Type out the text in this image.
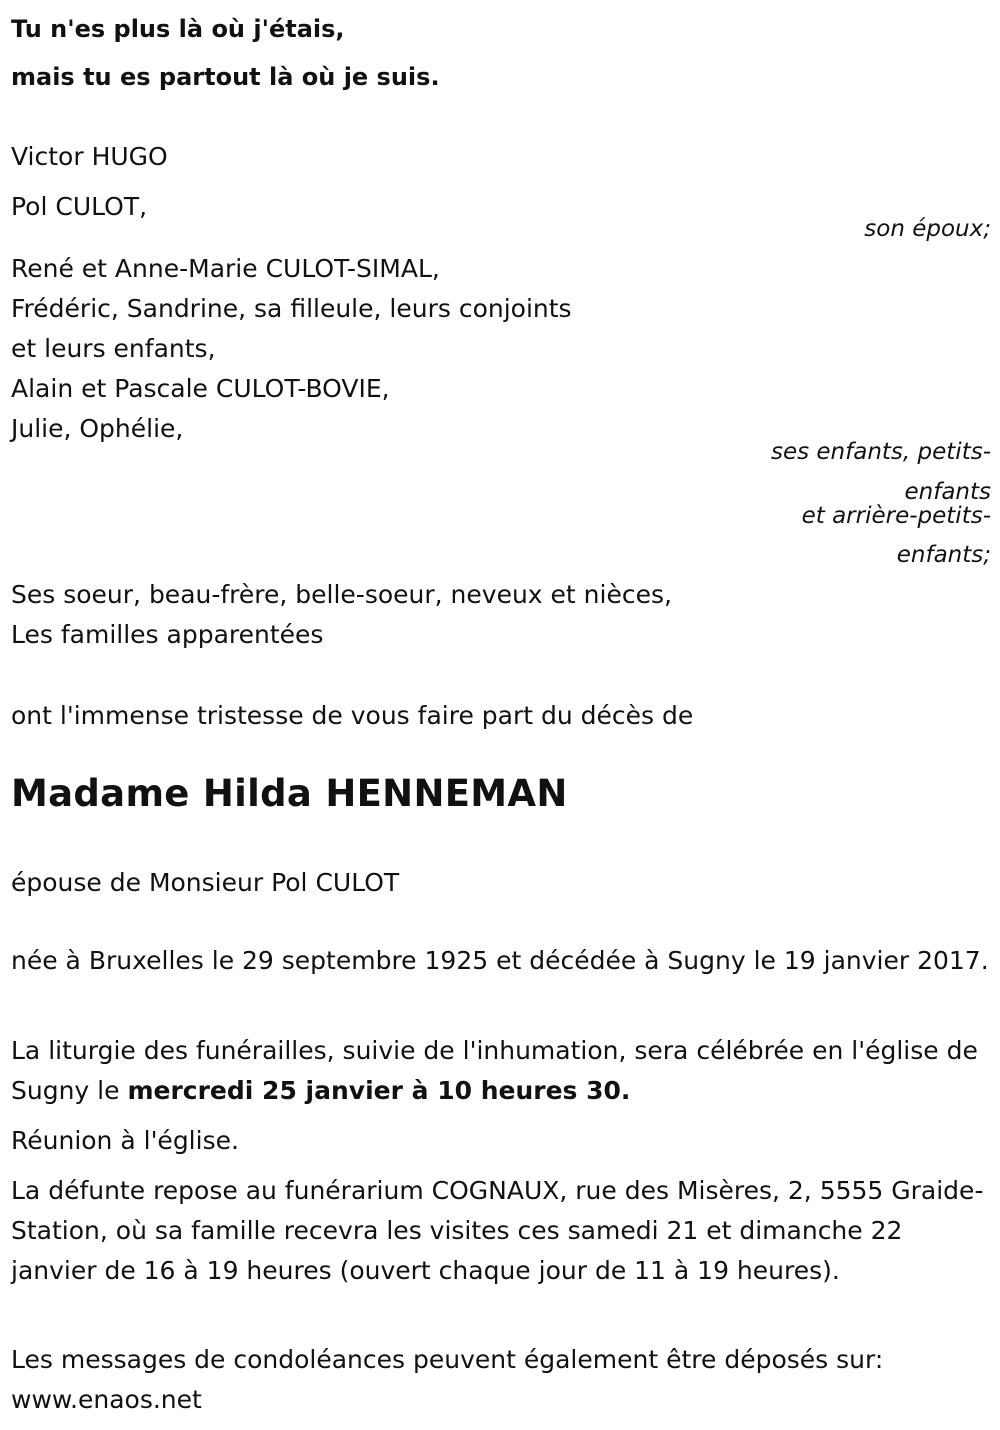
Tu n'es plus là où j'étais,
mais tu es partout là où je suis.
Victor HUGO
Pol CULOT,
son époux;
René et Anne-Marie CULOT-SIMAL,
Frédéric, Sandrine, sa filleule, leurs conjoints
et leurs enfants,
Alain et Pascale CULOT-BOVIE,
Julie, Ophélie,
ses enfants, petits-
enfants
et arrière-petits-
enfants;
Ses soeur, beau-frère, belle-soeur, neveux et nièces,
Les familles apparentées
ont l'immense tristesse de vous faire part du décès de
Madame Hilda HENNEMAN
épouse de Monsieur Pol CULOT
née à Bruxelles le 29 septembre 1925 et décédée à Sugny le 19 janvier 2017.
La liturgie des funérailles, suivie de l'inhumation, sera célébrée en l'église de Sugny le mercredi 25 janvier à 10 heures 30.
Réunion à l'église.
La défunte repose au funérarium COGNAUX, rue des Misères, 2, 5555 Graide-Station, où sa famille recevra les visites ces samedi 21 et dimanche 22 janvier de 16 à 19 heures (ouvert chaque jour de 11 à 19 heures).
Les messages de condoléances peuvent également être déposés sur: www.enaos.net
